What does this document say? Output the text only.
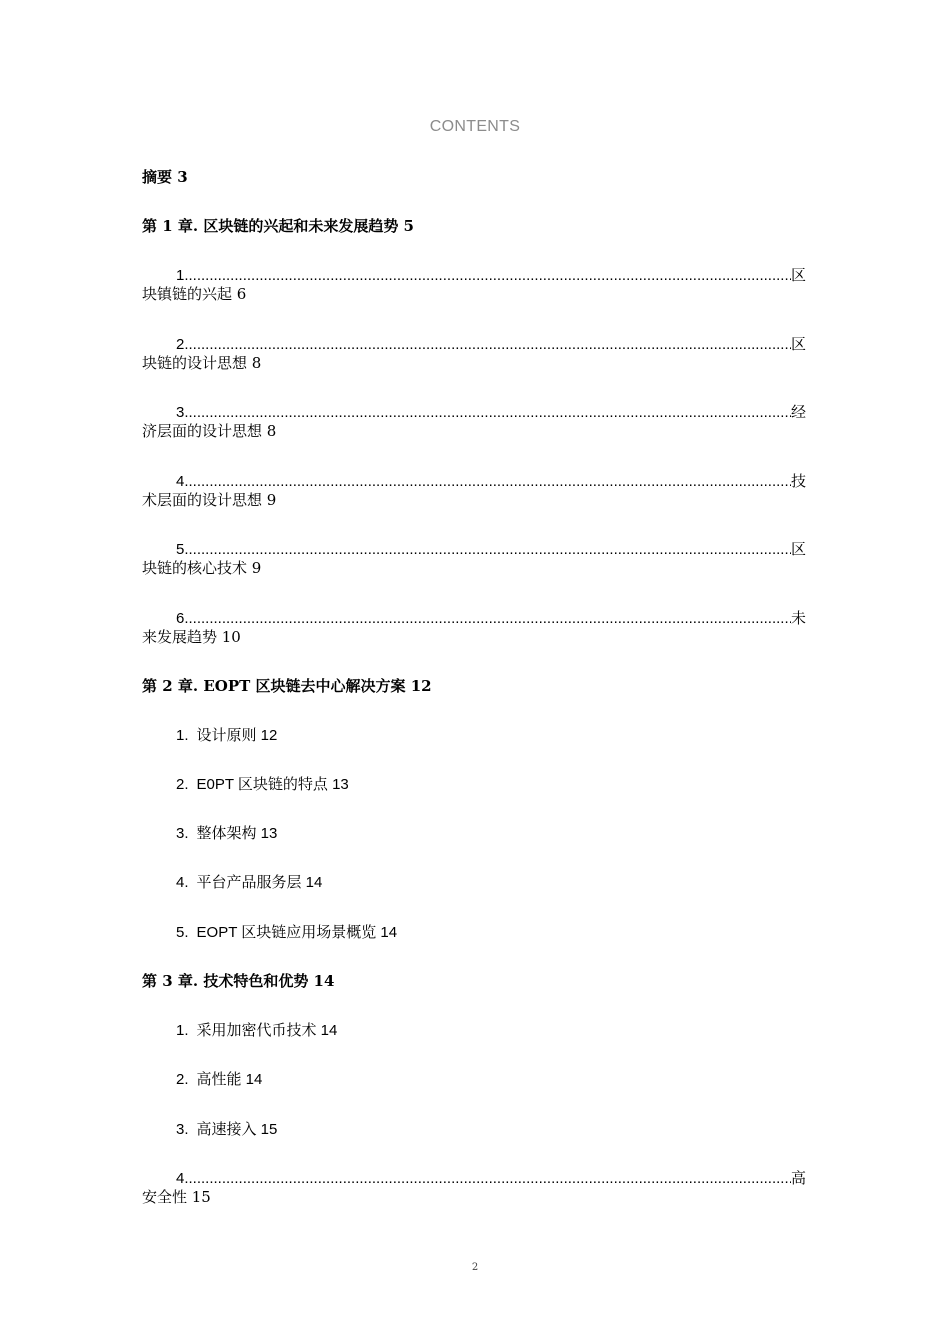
CONTENTS
摘要 3
第 1 章. 区块链的兴起和未来发展趋势 5
1 .....	区
块镇链的兴起 6
2 .....	区
块链的设计思想 8
3 .....	经
济层面的设计思想 8
4 .....	技
术层面的设计思想 9
5 .....	区
块链的核心技术 9
6 .....	未
来发展趋势 10
第 2 章. EOPT 区块链去中心解决方案 12
1. 设计原则 12
2. E0PT 区块链的特点 13
3. 整体架构 13
4. 平台产品服务层 14
5. EOPT 区块链应用场景概览 14
第 3 章. 技术特色和优势 14
1. 采用加密代币技术 14
2. 高性能 14
3. 高速接入 15
4 .....	高
安全性 15
2
